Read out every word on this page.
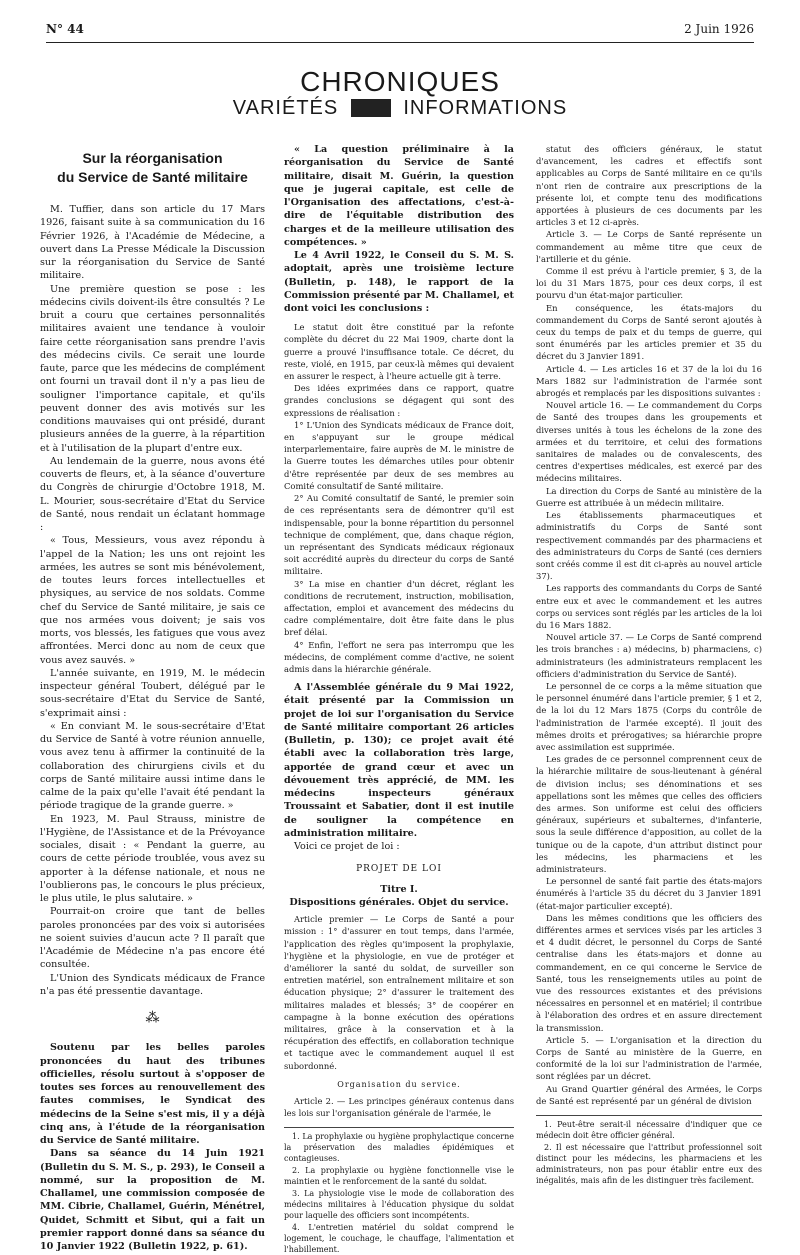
N° 44	2 Juin 1926
CHRONIQUES
VARIÉTÉS	INFORMATIONS
Sur la réorganisation
du Service de Santé militaire

M. Tuffier, dans son article du 17 Mars 1926, faisant suite à sa communication du 16 Février 1926, à l'Académie de Médecine, a ouvert dans La Presse Médicale la Discussion sur la réorganisation du Service de Santé militaire.

Une première question se pose : les médecins civils doivent-ils être consultés ? Le bruit a couru que certaines personnalités militaires avaient une tendance à vouloir faire cette réorganisation sans prendre l'avis des médecins civils. Ce serait une lourde faute, parce que les médecins de complément ont fourni un travail dont il n'y a pas lieu de souligner l'importance capitale, et qu'ils peuvent donner des avis motivés sur les conditions mauvaises qui ont présidé, durant plusieurs années de la guerre, à la répartition et à l'utilisation de la plupart d'entre eux.

Au lendemain de la guerre, nous avons été couverts de fleurs, et, à la séance d'ouverture du Congrès de chirurgie d'Octobre 1918, M. L. Mourier, sous-secrétaire d'Etat du Service de Santé, nous rendait un éclatant hommage :

« Tous, Messieurs, vous avez répondu à l'appel de la Nation; les uns ont rejoint les armées, les autres se sont mis bénévolement, de toutes leurs forces intellectuelles et physiques, au service de nos soldats. Comme chef du Service de Santé militaire, je sais ce que nos armées vous doivent; je sais vos morts, vos blessés, les fatigues que vous avez affrontées. Merci donc au nom de ceux que vous avez sauvés. »

L'année suivante, en 1919, M. le médecin inspecteur général Toubert, délégué par le sous-secrétaire d'Etat du Service de Santé, s'exprimait ainsi :

« En conviant M. le sous-secrétaire d'Etat du Service de Santé à votre réunion annuelle, vous avez tenu à affirmer la continuité de la collaboration des chirurgiens civils et du corps de Santé militaire aussi intime dans le calme de la paix qu'elle l'avait été pendant la période tragique de la grande guerre. »

En 1923, M. Paul Strauss, ministre de l'Hygiène, de l'Assistance et de la Prévoyance sociales, disait : « Pendant la guerre, au cours de cette période troublée, vous avez su apporter à la défense nationale, et nous ne l'oublierons pas, le concours le plus précieux, le plus utile, le plus salutaire. »

Pourrait-on croire que tant de belles paroles prononcées par des voix si autorisées ne soient suivies d'aucun acte ? Il paraît que l'Académie de Médecine n'a pas encore été consultée.

L'Union des Syndicats médicaux de France n'a pas été pressentie davantage.

⁂

Soutenu par les belles paroles prononcées du haut des tribunes officielles, résolu surtout à s'opposer de toutes ses forces au renouvellement des fautes commises, le Syndicat des médecins de la Seine s'est mis, il y a déjà cinq ans, à l'étude de la réorganisation du Service de Santé militaire.

Dans sa séance du 14 Juin 1921 (Bulletin du S. M. S., p. 293), le Conseil a nommé, sur la proposition de M. Challamel, une commission composée de MM. Cibrie, Challamel, Guérin, Ménétrel, Quidet, Schmitt et Sibut, qui a fait un premier rapport donné dans sa séance du 10 Janvier 1922 (Bulletin 1922, p. 61).

« La question préliminaire à la réorganisation du Service de Santé militaire, disait M. Guérin, la question que je jugerai capitale, est celle de l'Organisation des affectations, c'est-à-dire de l'équitable distribution des charges et de la meilleure utilisation des compétences. »

Le 4 Avril 1922, le Conseil du S. M. S. adoptait, après une troisième lecture (Bulletin, p. 148), le rapport de la Commission présenté par M. Challamel, et dont voici les conclusions :

Le statut doit être constitué par la refonte complète du décret du 22 Mai 1909, charte dont la guerre a prouvé l'insuffisance totale. Ce décret, du reste, violé, en 1915, par ceux-là mêmes qui devaient en assurer le respect, à l'heure actuelle git à terre.

Des idées exprimées dans ce rapport, quatre grandes conclusions se dégagent qui sont des expressions de réalisation :

1° L'Union des Syndicats médicaux de France doit, en s'appuyant sur le groupe médical interparlementaire, faire auprès de M. le ministre de la Guerre toutes les démarches utiles pour obtenir d'être représentée par deux de ses membres au Comité consultatif de Santé militaire.

2° Au Comité consultatif de Santé, le premier soin de ces représentants sera de démontrer qu'il est indispensable, pour la bonne répartition du personnel technique de complément, que, dans chaque région, un représentant des Syndicats médicaux régionaux soit accrédité auprès du directeur du corps de Santé militaire.

3° La mise en chantier d'un décret, réglant les conditions de recrutement, instruction, mobilisation, affectation, emploi et avancement des médecins du cadre complémentaire, doit être faite dans le plus bref délai.

4° Enfin, l'effort ne sera pas interrompu que les médecins, de complément comme d'active, ne soient admis dans la hiérarchie générale.

A l'Assemblée générale du 9 Mai 1922, était présenté par la Commission un projet de loi sur l'organisation du Service de Santé militaire comportant 26 articles (Bulletin, p. 130); ce projet avait été établi avec la collaboration très large, apportée de grand cœur et avec un dévouement très apprécié, de MM. les médecins inspecteurs généraux Troussaint et Sabatier, dont il est inutile de souligner la compétence en administration militaire.

Voici ce projet de loi :

PROJET DE LOI
Titre I.
Dispositions générales. Objet du service.

Article premier — Le Corps de Santé a pour mission : 1° d'assurer en tout temps, dans l'armée, l'application des règles qu'imposent la prophylaxie, l'hygiène et la physiologie, en vue de protéger et d'améliorer la santé du soldat, de surveiller son entretien matériel, son entraînement militaire et son éducation physique; 2° d'assurer le traitement des militaires malades et blessés; 3° de coopérer en campagne à la bonne exécution des opérations militaires, grâce à la conservation et à la récupération des effectifs, en collaboration technique et tactique avec le commandement auquel il est subordonné.

Organisation du service.

Article 2. — Les principes généraux contenus dans les lois sur l'organisation générale de l'armée, le

1. La prophylaxie ou hygiène prophylactique concerne la préservation des maladies épidémiques et contagieuses.
2. La prophylaxie ou hygiène fonctionnelle vise le maintien et le renforcement de la santé du soldat.
3. La physiologie vise le mode de collaboration des médecins militaires à l'éducation physique du soldat pour laquelle des officiers sont incompétents.
4. L'entretien matériel du soldat comprend le logement, le couchage, le chauffage, l'alimentation et l'habillement.

statut des officiers généraux, le statut d'avancement, les cadres et effectifs sont applicables au Corps de Santé militaire en ce qu'ils n'ont rien de contraire aux prescriptions de la présente loi, et compte tenu des modifications apportées à plusieurs de ces documents par les articles 3 et 12 ci-après.

Article 3. — Le Corps de Santé représente un commandement au même titre que ceux de l'artillerie et du génie.

Comme il est prévu à l'article premier, § 3, de la loi du 31 Mars 1875, pour ces deux corps, il est pourvu d'un état-major particulier.

En conséquence, les états-majors du commandement du Corps de Santé seront ajoutés à ceux du temps de paix et du temps de guerre, qui sont énumérés par les articles premier et 35 du décret du 3 Janvier 1891.

Article 4. — Les articles 16 et 37 de la loi du 16 Mars 1882 sur l'administration de l'armée sont abrogés et remplacés par les dispositions suivantes :

Nouvel article 16. — Le commandement du Corps de Santé des troupes dans les groupements et diverses unités à tous les échelons de la zone des armées et du territoire, et celui des formations sanitaires de malades ou de convalescents, des centres d'expertises médicales, est exercé par des médecins militaires.

La direction du Corps de Santé au ministère de la Guerre est attribuée à un médecin militaire.

Les établissements pharmaceutiques et administratifs du Corps de Santé sont respectivement commandés par des pharmaciens et des administrateurs du Corps de Santé (ces derniers sont créés comme il est dit ci-après au nouvel article 37).

Les rapports des commandants du Corps de Santé entre eux et avec le commandement et les autres corps ou services sont réglés par les articles de la loi du 16 Mars 1882.

Nouvel article 37. — Le Corps de Santé comprend les trois branches : a) médecins, b) pharmaciens, c) administrateurs (les administrateurs remplacent les officiers d'administration du Service de Santé).

Le personnel de ce corps a la même situation que le personnel énuméré dans l'article premier, § 1 et 2, de la loi du 12 Mars 1875 (Corps du contrôle de l'administration de l'armée excepté). Il jouit des mêmes droits et prérogatives; sa hiérarchie propre avec assimilation est supprimée.

Les grades de ce personnel comprennent ceux de la hiérarchie militaire de sous-lieutenant à général de division inclus; ses dénominations et ses appellations sont les mêmes que celles des officiers des armes. Son uniforme est celui des officiers généraux, supérieurs et subalternes, d'infanterie, sous la seule différence d'apposition, au collet de la tunique ou de la capote, d'un attribut distinct pour les médecins, les pharmaciens et les administrateurs.

Le personnel de santé fait partie des états-majors énumérés à l'article 35 du décret du 3 Janvier 1891 (état-major particulier excepté).

Dans les mêmes conditions que les officiers des différentes armes et services visés par les articles 3 et 4 dudit décret, le personnel du Corps de Santé centralise dans les états-majors et donne au commandement, en ce qui concerne le Service de Santé, tous les renseignements utiles au point de vue des ressources existantes et des prévisions nécessaires en personnel et en matériel; il contribue à l'élaboration des ordres et en assure directement la transmission.

Article 5. — L'organisation et la direction du Corps de Santé au ministère de la Guerre, en conformité de la loi sur l'administration de l'armée, sont réglées par un décret.

Au Grand Quartier général des Armées, le Corps de Santé est représenté par un général de division

1. Peut-être serait-il nécessaire d'indiquer que ce médecin doit être officier général.
2. Il est nécessaire que l'attribut professionnel soit distinct pour les médecins, les pharmaciens et les administrateurs, non pas pour établir entre eux des inégalités, mais afin de les distinguer très facilement.
